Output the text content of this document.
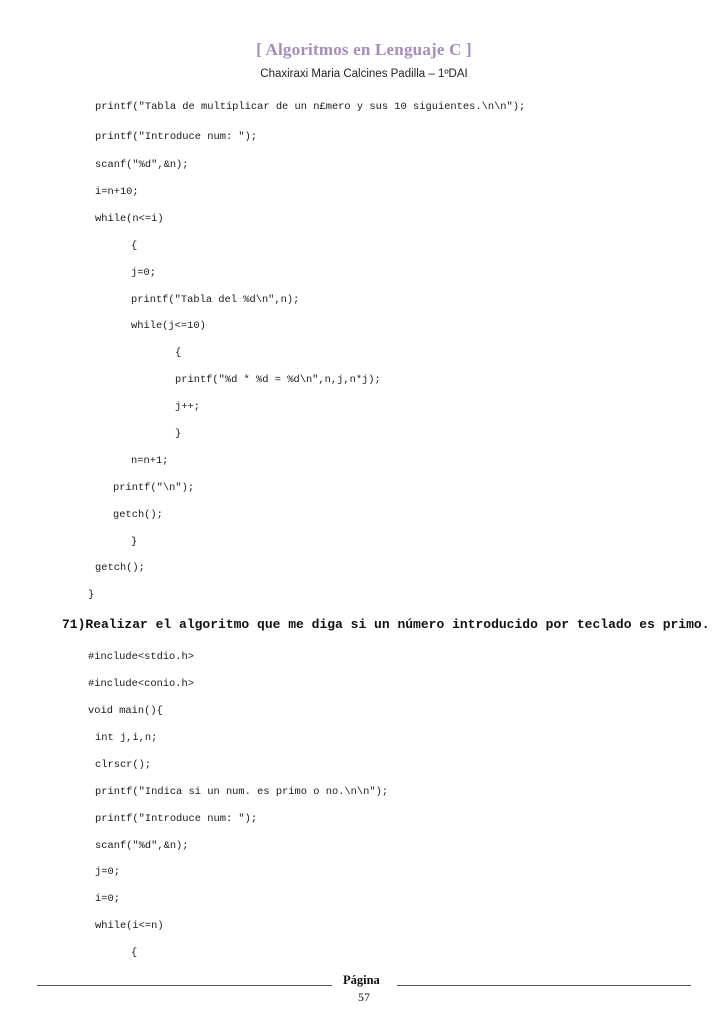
[ Algoritmos en Lenguaje C ]
Chaxiraxi Maria Calcines Padilla – 1ºDAI
printf("Tabla de multiplicar de un n£mero y sus 10 siguientes.\n\n");
printf("Introduce num: ");
scanf("%d",&n);
i=n+10;
while(n<=i)
{
j=0;
printf("Tabla del %d\n",n);
while(j<=10)
{
printf("%d * %d = %d\n",n,j,n*j);
j++;
}
n=n+1;
printf("\n");
getch();
}
getch();
}
71)Realizar el algoritmo que me diga si un número introducido por teclado es primo.
#include<stdio.h>
#include<conio.h>
void main(){
int j,i,n;
clrscr();
printf("Indica si un num. es primo o no.\n\n");
printf("Introduce num: ");
scanf("%d",&n);
j=0;
i=0;
while(i<=n)
{
Página
57
